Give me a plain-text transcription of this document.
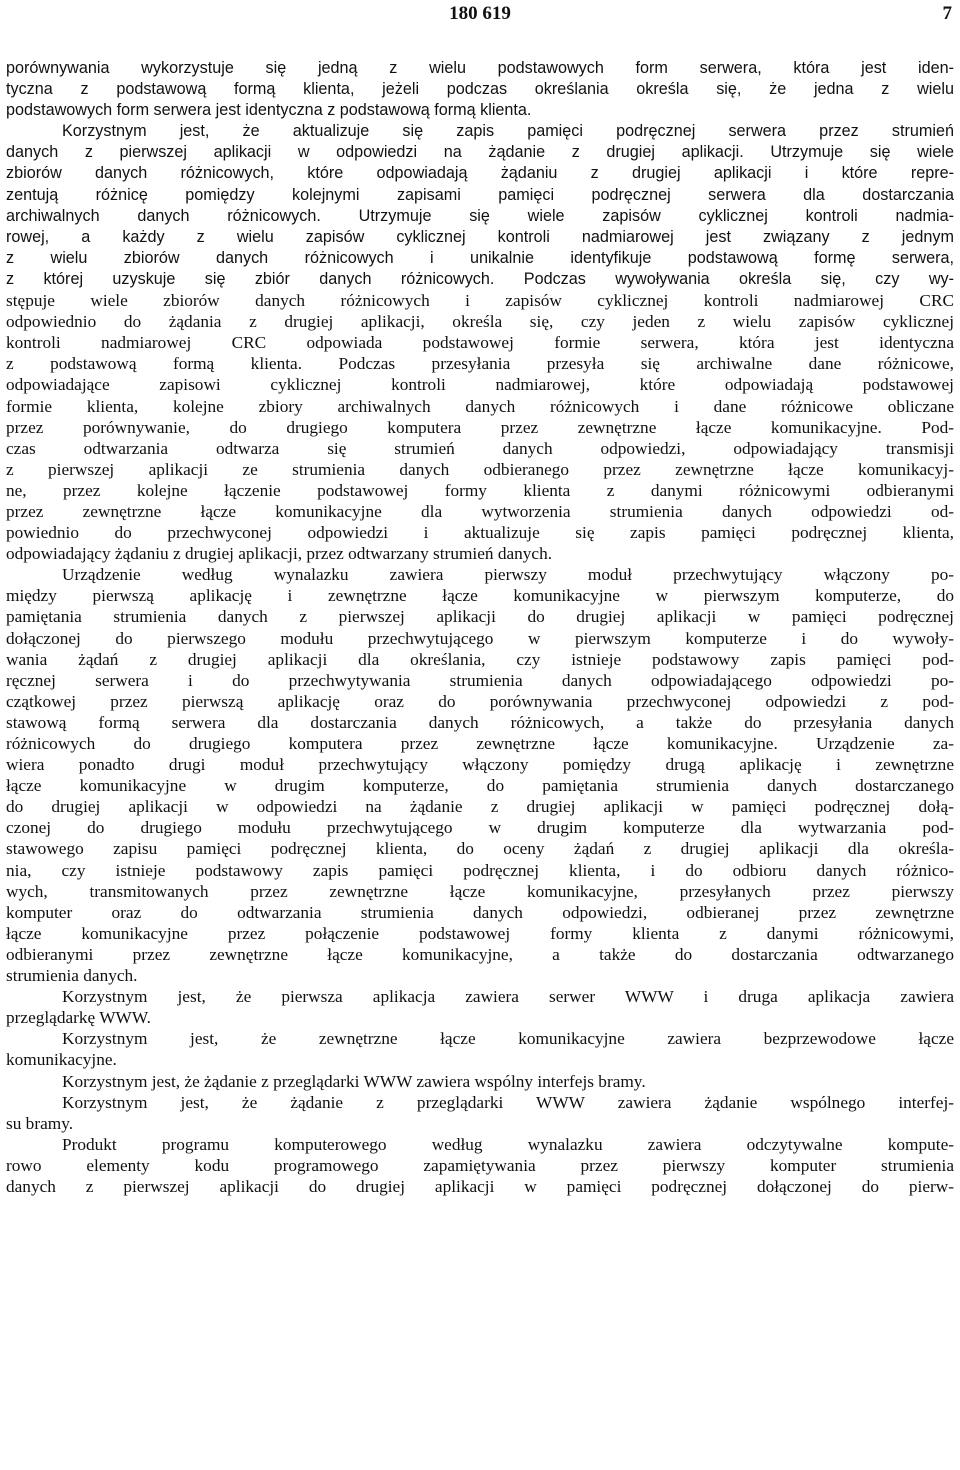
180 619	7
porównywania wykorzystuje się jedną z wielu podstawowych form serwera, która jest iden-
tyczna z podstawową formą klienta, jeżeli podczas określania określa się, że jedna z wielu
podstawowych form serwera jest identyczna z podstawową formą klienta.
Korzystnym jest, że aktualizuje się zapis pamięci podręcznej serwera przez strumień
danych z pierwszej aplikacji w odpowiedzi na żądanie z drugiej aplikacji. Utrzymuje się wiele
zbiorów danych różnicowych, które odpowiadają żądaniu z drugiej aplikacji i które repre-
zentują różnicę pomiędzy kolejnymi zapisami pamięci podręcznej serwera dla dostarczania
archiwalnych danych różnicowych. Utrzymuje się wiele zapisów cyklicznej kontroli nadmia-
rowej, a każdy z wielu zapisów cyklicznej kontroli nadmiarowej jest związany z jednym
z wielu zbiorów danych różnicowych i unikalnie identyfikuje podstawową formę serwera,
z której uzyskuje się zbiór danych różnicowych. Podczas wywoływania określa się, czy wy-
stępuje wiele zbiorów danych różnicowych i zapisów cyklicznej kontroli nadmiarowej CRC
odpowiednio do żądania z drugiej aplikacji, określa się, czy jeden z wielu zapisów cyklicznej
kontroli nadmiarowej CRC odpowiada podstawowej formie serwera, która jest identyczna
z podstawową formą klienta. Podczas przesyłania przesyła się archiwalne dane różnicowe,
odpowiadające zapisowi cyklicznej kontroli nadmiarowej, które odpowiadają podstawowej
formie klienta, kolejne zbiory archiwalnych danych różnicowych i dane różnicowe obliczane
przez porównywanie, do drugiego komputera przez zewnętrzne łącze komunikacyjne. Pod-
czas odtwarzania odtwarza się strumień danych odpowiedzi, odpowiadający transmisji
z pierwszej aplikacji ze strumienia danych odbieranego przez zewnętrzne łącze komunikacyj-
ne, przez kolejne łączenie podstawowej formy klienta z danymi różnicowymi odbieranymi
przez zewnętrzne łącze komunikacyjne dla wytworzenia strumienia danych odpowiedzi od-
powiednio do przechwyconej odpowiedzi i aktualizuje się zapis pamięci podręcznej klienta,
odpowiadający żądaniu z drugiej aplikacji, przez odtwarzany strumień danych.
Urządzenie według wynalazku zawiera pierwszy moduł przechwytujący włączony po-
między pierwszą aplikację i zewnętrzne łącze komunikacyjne w pierwszym komputerze, do
pamiętania strumienia danych z pierwszej aplikacji do drugiej aplikacji w pamięci podręcznej
dołączonej do pierwszego modułu przechwytującego w pierwszym komputerze i do wywoły-
wania żądań z drugiej aplikacji dla określania, czy istnieje podstawowy zapis pamięci pod-
ręcznej serwera i do przechwytywania strumienia danych odpowiadającego odpowiedzi po-
czątkowej przez pierwszą aplikację oraz do porównywania przechwyconej odpowiedzi z pod-
stawową formą serwera dla dostarczania danych różnicowych, a także do przesyłania danych
różnicowych do drugiego komputera przez zewnętrzne łącze komunikacyjne. Urządzenie za-
wiera ponadto drugi moduł przechwytujący włączony pomiędzy drugą aplikację i zewnętrzne
łącze komunikacyjne w drugim komputerze, do pamiętania strumienia danych dostarczanego
do drugiej aplikacji w odpowiedzi na żądanie z drugiej aplikacji w pamięci podręcznej dołą-
czonej do drugiego modułu przechwytującego w drugim komputerze dla wytwarzania pod-
stawowego zapisu pamięci podręcznej klienta, do oceny żądań z drugiej aplikacji dla określa-
nia, czy istnieje podstawowy zapis pamięci podręcznej klienta, i do odbioru danych różnico-
wych, transmitowanych przez zewnętrzne łącze komunikacyjne, przesyłanych przez pierwszy
komputer oraz do odtwarzania strumienia danych odpowiedzi, odbieranej przez zewnętrzne
łącze komunikacyjne przez połączenie podstawowej formy klienta z danymi różnicowymi,
odbieranymi przez zewnętrzne łącze komunikacyjne, a także do dostarczania odtwarzanego
strumienia danych.
Korzystnym jest, że pierwsza aplikacja zawiera serwer WWW i druga aplikacja zawiera
przeglądarkę WWW.
Korzystnym jest, że zewnętrzne łącze komunikacyjne zawiera bezprzewodowe łącze
komunikacyjne.
Korzystnym jest, że żądanie z przeglądarki WWW zawiera wspólny interfejs bramy.
Korzystnym jest, że żądanie z przeglądarki WWW zawiera żądanie wspólnego interfej-
su bramy.
Produkt programu komputerowego według wynalazku zawiera odczytywalne kompute-
rowo elementy kodu programowego zapamiętywania przez pierwszy komputer strumienia
danych z pierwszej aplikacji do drugiej aplikacji w pamięci podręcznej dołączonej do pierw-
